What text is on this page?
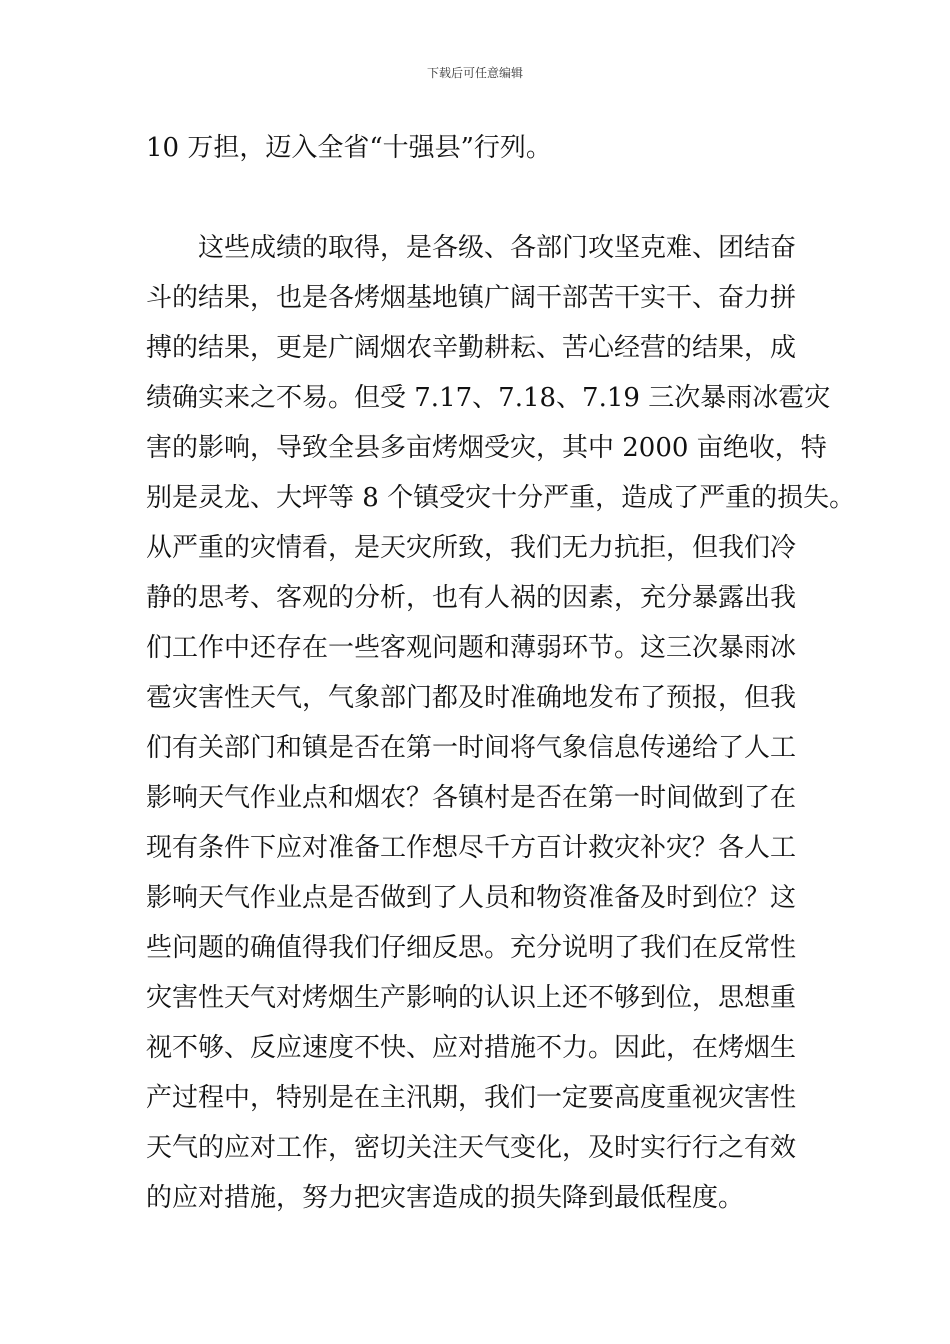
下载后可任意编辑
10 万担，迈入全省“十强县”行列。
这些成绩的取得，是各级、各部门攻坚克难、团结奋
斗的结果，也是各烤烟基地镇广阔干部苦干实干、奋力拼
搏的结果，更是广阔烟农辛勤耕耘、苦心经营的结果，成
绩确实来之不易。但受 7.17、7.18、7.19 三次暴雨冰雹灾
害的影响，导致全县多亩烤烟受灾，其中 2000 亩绝收，特
别是灵龙、大坪等 8 个镇受灾十分严重，造成了严重的损失。
从严重的灾情看，是天灾所致，我们无力抗拒，但我们冷
静的思考、客观的分析，也有人祸的因素，充分暴露出我
们工作中还存在一些客观问题和薄弱环节。这三次暴雨冰
雹灾害性天气，气象部门都及时准确地发布了预报，但我
们有关部门和镇是否在第一时间将气象信息传递给了人工
影响天气作业点和烟农？各镇村是否在第一时间做到了在
现有条件下应对准备工作想尽千方百计救灾补灾？各人工
影响天气作业点是否做到了人员和物资准备及时到位？这
些问题的确值得我们仔细反思。充分说明了我们在反常性
灾害性天气对烤烟生产影响的认识上还不够到位，思想重
视不够、反应速度不快、应对措施不力。因此，在烤烟生
产过程中，特别是在主汛期，我们一定要高度重视灾害性
天气的应对工作，密切关注天气变化，及时实行行之有效
的应对措施，努力把灾害造成的损失降到最低程度。
